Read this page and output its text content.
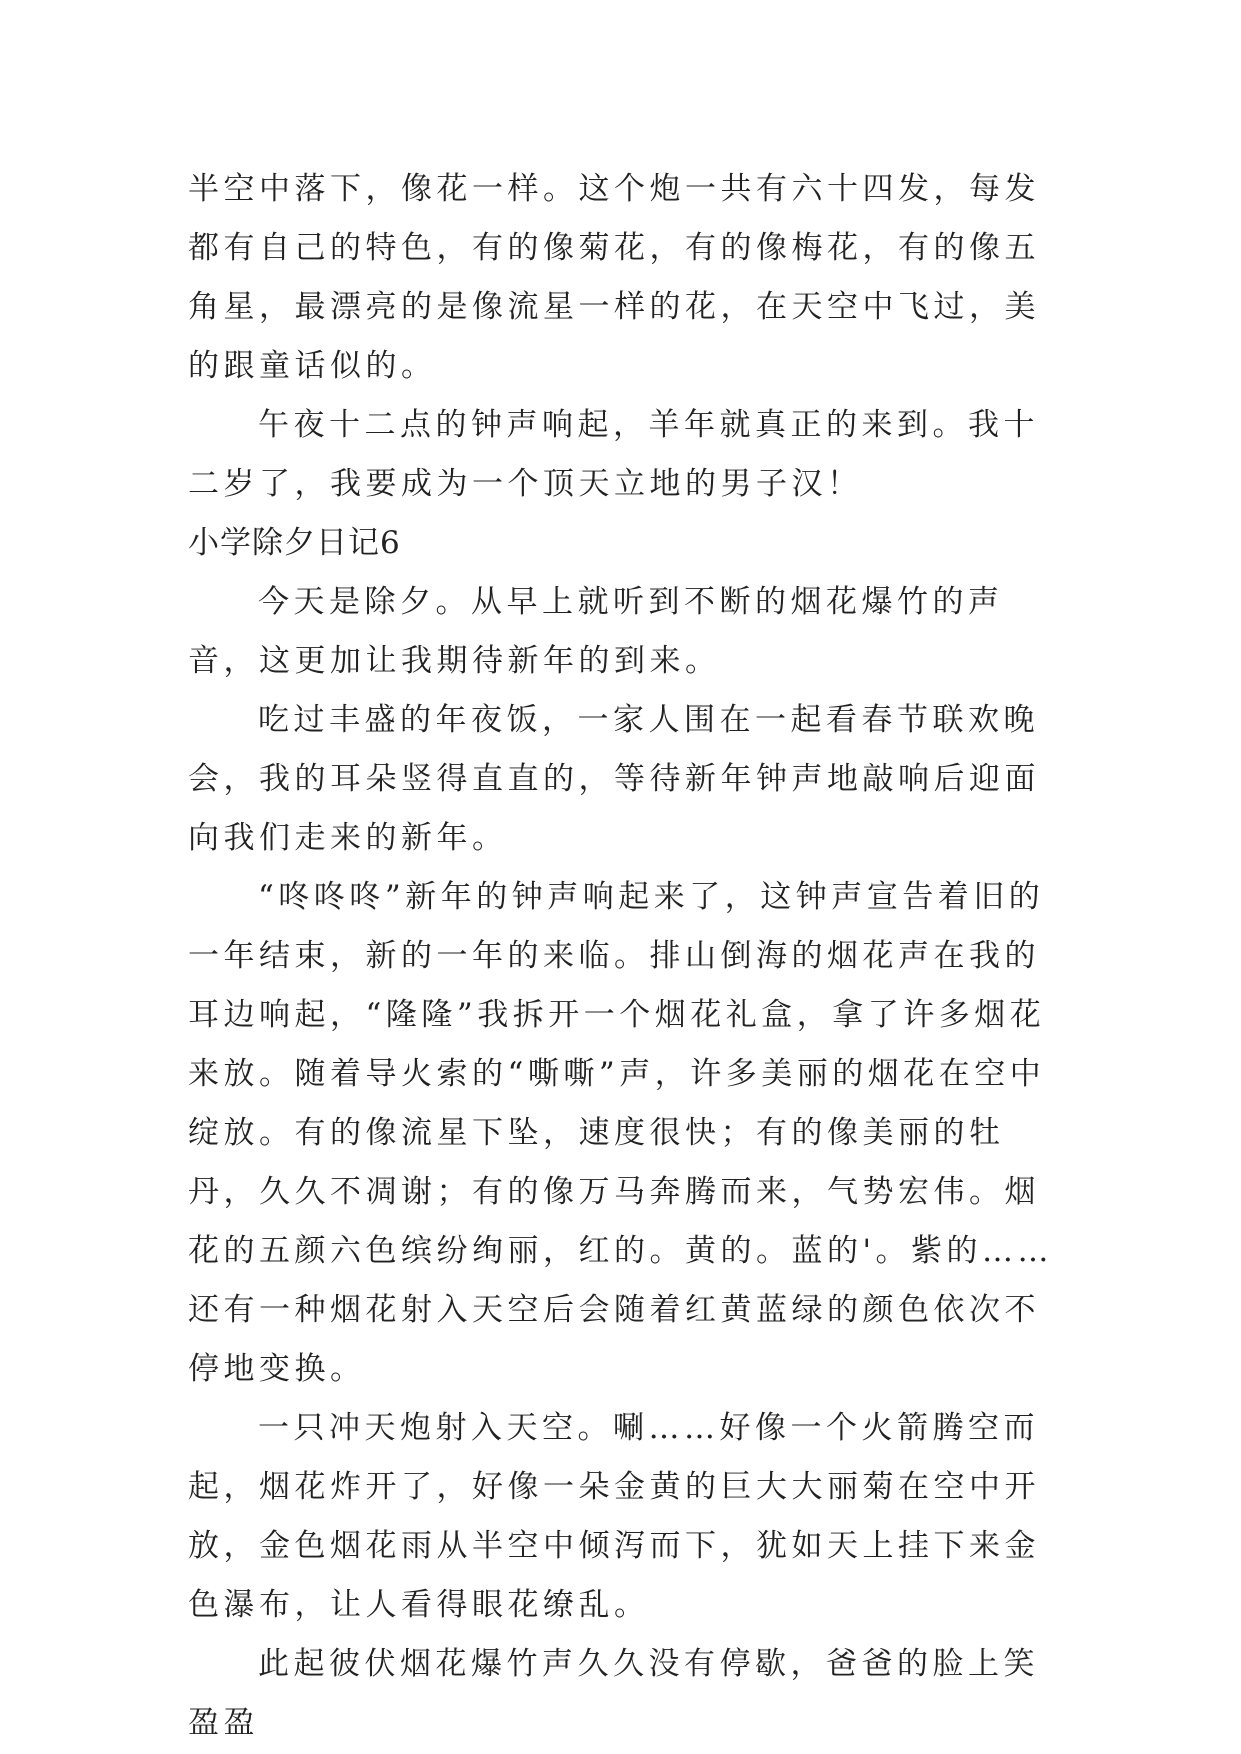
半空中落下，像花一样。这个炮一共有六十四发，每发都有自己的特色，有的像菊花，有的像梅花，有的像五角星，最漂亮的是像流星一样的花，在天空中飞过，美的跟童话似的。

午夜十二点的钟声响起，羊年就真正的来到。我十二岁了，我要成为一个顶天立地的男子汉！

小学除夕日记6

今天是除夕。从早上就听到不断的烟花爆竹的声音，这更加让我期待新年的到来。

吃过丰盛的年夜饭，一家人围在一起看春节联欢晚会，我的耳朵竖得直直的，等待新年钟声地敲响后迎面向我们走来的新年。

“咚咚咚”新年的钟声响起来了，这钟声宣告着旧的一年结束，新的一年的来临。排山倒海的烟花声在我的耳边响起，“隆隆”我拆开一个烟花礼盒，拿了许多烟花来放。随着导火索的“嘶嘶”声，许多美丽的烟花在空中绽放。有的像流星下坠，速度很快；有的像美丽的牡丹，久久不凋谢；有的像万马奔腾而来，气势宏伟。烟花的五颜六色缤纷绚丽，红的。黄的。蓝的'。紫的……还有一种烟花射入天空后会随着红黄蓝绿的颜色依次不停地变换。

一只冲天炮射入天空。唰……好像一个火箭腾空而起，烟花炸开了，好像一朵金黄的巨大大丽菊在空中开放，金色烟花雨从半空中倾泻而下，犹如天上挂下来金色瀑布，让人看得眼花缭乱。

此起彼伏烟花爆竹声久久没有停歇，爸爸的脸上笑盈盈
